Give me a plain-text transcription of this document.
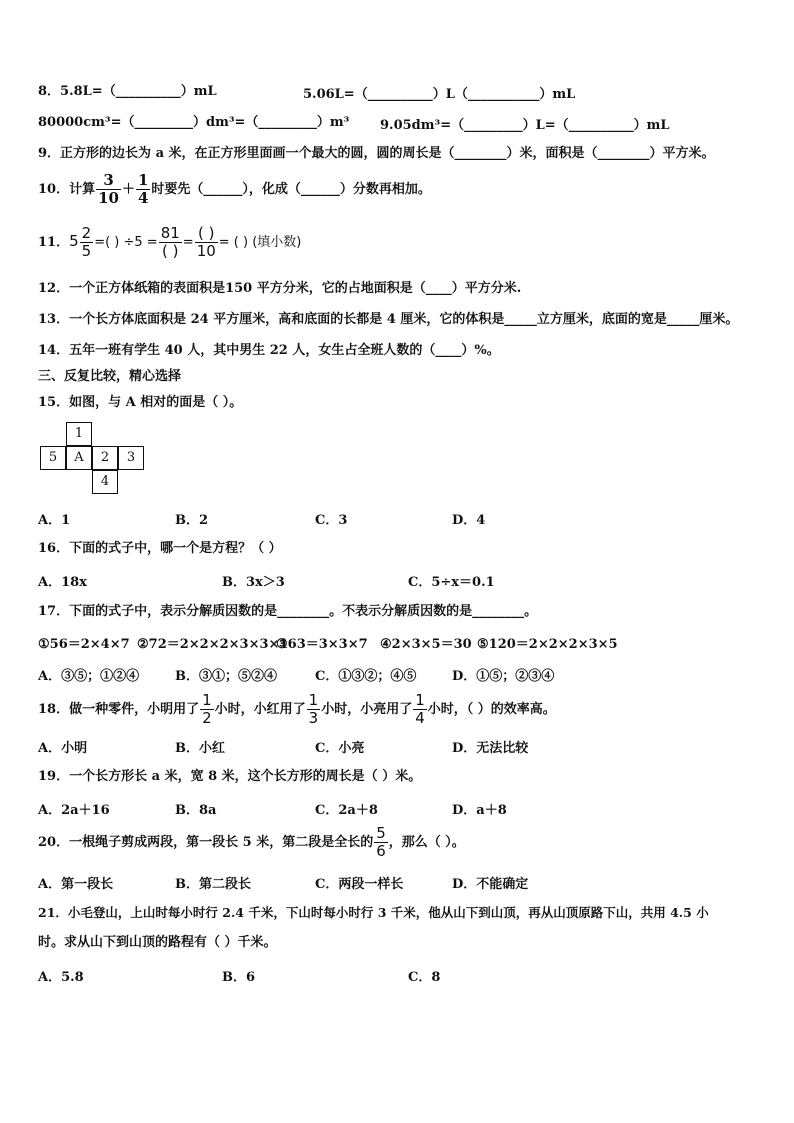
8．5.8L=（__________）mL	5.06L=（__________）L（___________）mL
80000cm³=（_________）dm³=（_________）m³ 9.05dm³=（_________）L=（__________）mL
9．正方形的边长为 a 米，在正方形里面画一个最大的圆，圆的周长是（________）米，面积是（________）平方米。
10．计算 $\frac{3}{10} + \frac{1}{4}$ 时要先（______），化成（______）分数再相加。
11．$5 \frac{2}{5}$ =( ) $\div 5 = \frac{81}{( )} = \frac{( )}{10}$ = ( ) (填小数)
12．一个正方体纸箱的表面积是150 平方分米，它的占地面积是（____）平方分米.
13．一个长方体底面积是 24 平方厘米，高和底面的长都是 4 厘米，它的体积是_____立方厘米，底面的宽是_____厘米。
14．五年一班有学生 40 人，其中男生 22 人，女生占全班人数的（____）%。
三、反复比较，精心选择
15．如图，与 A 相对的面是（ ）。
1
5	A	2	3
4
A．1	B．2	C．3	D．4
16．下面的式子中，哪一个是方程？（ ）
A．18x	B．3x＞3	C．5÷x＝0.1
17．下面的式子中，表示分解质因数的是________。不表示分解质因数的是________。
①56＝2×4×7 ②72＝2×2×2×3×3×1
③63＝3×3×7 ④2×3×5＝30 ⑤120＝2×2×2×3×5
A．③⑤；①②④	B．③①；⑤②④	C．①③②；④⑤	D．①⑤；②③④
18．做一种零件，小明用了 $\frac{1}{2}$ 小时，小红用了 $\frac{1}{3}$ 小时，小亮用了 $\frac{1}{4}$ 小时，（ ）的效率高。
A．小明	B．小红	C．小亮	D．无法比较
19．一个长方形长 a 米，宽 8 米，这个长方形的周长是（ ）米。
A．2a＋16	B．8a	C．2a＋8	D．a＋8
20．一根绳子剪成两段，第一段长 5 米，第二段是全长的 $\frac{5}{6}$ ，那么（ ）。
A．第一段长	B．第二段长	C．两段一样长	D．不能确定
21．小毛登山，上山时每小时行 2.4 千米，下山时每小时行 3 千米，他从山下到山顶，再从山顶原路下山，共用 4.5 小
时。求从山下到山顶的路程有（ ）千米。
A．5.8	B．6	C．8
